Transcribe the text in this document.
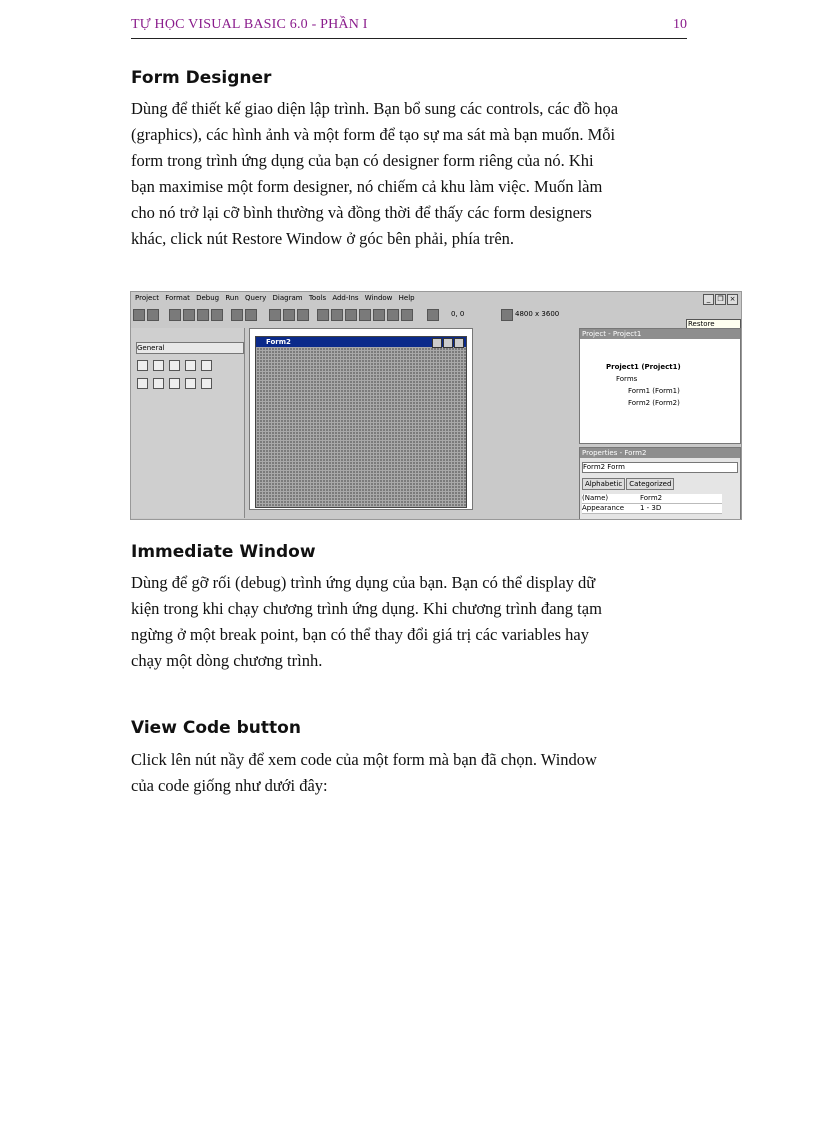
TỰ HỌC VISUAL BASIC 6.0 - PHẦN I	10
Form Designer
Dùng để thiết kế giao diện lập trình. Bạn bổ sung các controls, các đồ họa
(graphics), các hình ảnh và một form để tạo sự ma sát mà bạn muốn. Mỗi
form trong trình ứng dụng của bạn có designer form riêng của nó. Khi
bạn maximise một form designer, nó chiếm cả khu làm việc. Muốn làm
cho nó trở lại cỡ bình thường và đồng thời để thấy các form designers
khác, click nút Restore Window ở góc bên phải, phía trên.
Project Format Debug Run Query Diagram Tools Add-Ins Window Help	_ ❐ ×
0, 0	4800 x 3600
Restore
General
Form2
Project - Project1
Project1 (Project1)
Forms
Form1 (Form1)
Form2 (Form2)
Properties - Form2
Form2 Form
Alphabetic Categorized
(Name)	Form2
Appearance 1 - 3D
Immediate Window
Dùng để gỡ rối (debug) trình ứng dụng của bạn. Bạn có thể display dữ
kiện trong khi chạy chương trình ứng dụng. Khi chương trình đang tạm
ngừng ở một break point, bạn có thể thay đổi giá trị các variables hay
chạy một dòng chương trình.
View Code button
Click lên nút nầy để xem code của một form mà bạn đã chọn. Window
của code giống như dưới đây:
